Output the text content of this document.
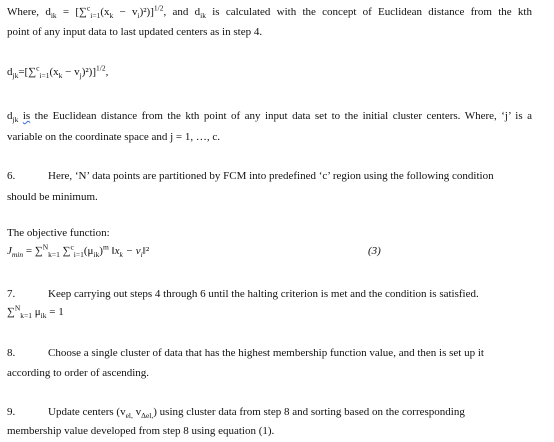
Where, $d_{ik} = [\sum^c_{i=1}(x_k - v_i)^2)]^{1/2}$, and $d_{ik}$ is calculated with the concept of Euclidean distance from the kth
point of any input data to last updated centers as in step 4.
$d_{jk}=[\sum^c_{i=1}(x_k - v_j)^2)]^{1/2}$,
$d_{jk}$ is the Euclidean distance from the kth point of any input data set to the initial cluster centers. Where, ‘j’ is a
variable on the coordinate space and j = 1, …, c.
6.	Here, ‘N’ data points are partitioned by FCM into predefined ‘c’ region using the following condition
should be minimum.
The objective function:
$J_{min} = \sum^N_{k=1}$ $\sum^c_{i=1}(\mu_{ik})^m$ $‖x_k$ − $v_i‖^2$	(3)
7.	Keep carrying out steps 4 through 6 until the halting criterion is met and the condition is satisfied.
∑$^N_{k=1}$ $\mu_{ik} = 1$
8.	Choose a single cluster of data that has the highest membership function value, and then is set up it
according to order of ascending.
9.	Update centers ($v_{el,}$ $v_{\Delta el,}$) using cluster data from step 8 and sorting based on the corresponding
membership value developed from step 8 using equation (1).
